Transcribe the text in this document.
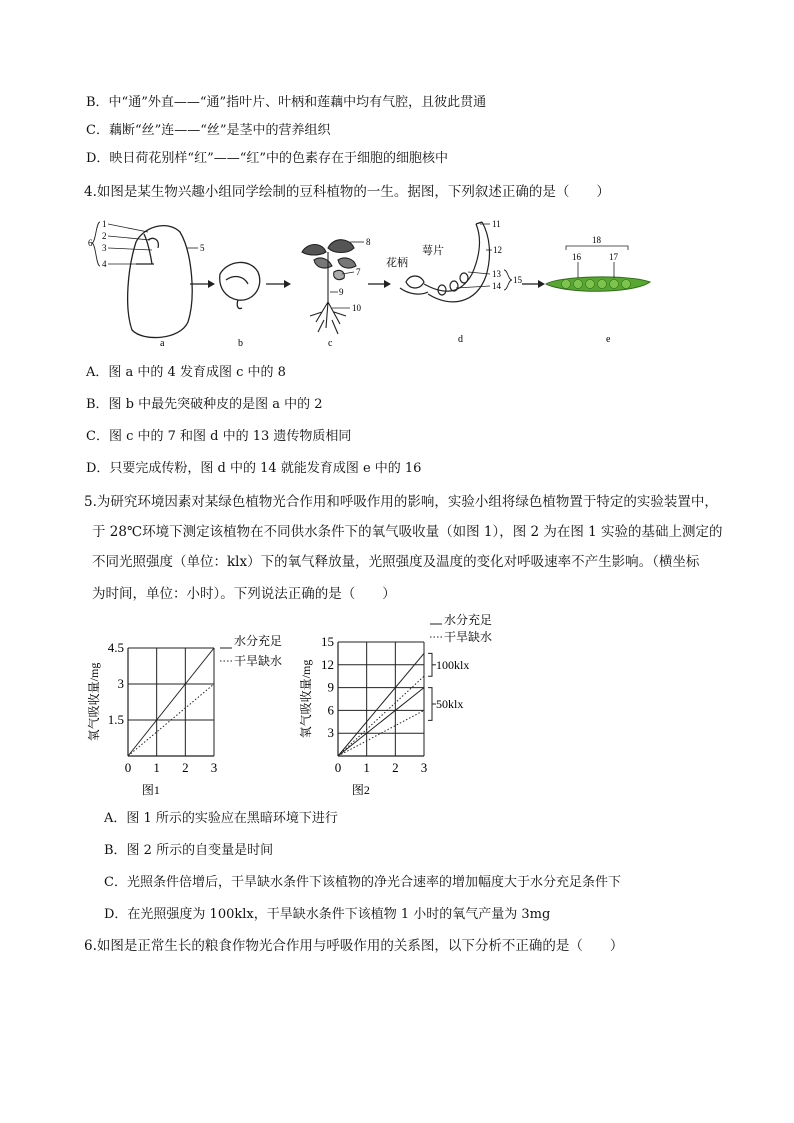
B．中“通”外直——“通”指叶片、叶柄和莲藕中均有气腔，且彼此贯通
C．藕断“丝”连——“丝”是茎中的营养组织
D．映日荷花别样“红”——“红”中的色素存在于细胞的细胞核中
4.如图是某生物兴趣小组同学绘制的豆科植物的一生。据图，下列叙述正确的是（　　）
1
2
3
4
5
6
a	b
8
7
9
10
c
11
12
13
14
15
花柄
萼片
d
18
16	17
e
A．图 a 中的 4 发育成图 c 中的 8
B．图 b 中最先突破种皮的是图 a 中的 2
C．图 c 中的 7 和图 d 中的 13 遗传物质相同
D．只要完成传粉，图 d 中的 14 就能发育成图 e 中的 16
5.为研究环境因素对某绿色植物光合作用和呼吸作用的影响，实验小组将绿色植物置于特定的实验装置中，
于 28℃环境下测定该植物在不同供水条件下的氧气吸收量（如图 1），图 2 为在图 1 实验的基础上测定的
不同光照强度（单位：klx）下的氧气释放量，光照强度及温度的变化对呼吸速率不产生影响。（横坐标
为时间，单位：小时）。下列说法正确的是（　　）
0 1 2 3
1.5
3
4.5
氧气吸收量/mg
图1
水分充足
干旱缺水
0 1 2 3
3
6
9
12
15
氧气吸收量/mg
图2
水分充足
干旱缺水
100klx
50klx
A．图 1 所示的实验应在黑暗环境下进行
B．图 2 所示的自变量是时间
C．光照条件倍增后，干旱缺水条件下该植物的净光合速率的增加幅度大于水分充足条件下
D．在光照强度为 100klx，干旱缺水条件下该植物 1 小时的氧气产量为 3mg
6.如图是正常生长的粮食作物光合作用与呼吸作用的关系图，以下分析不正确的是（　　）
